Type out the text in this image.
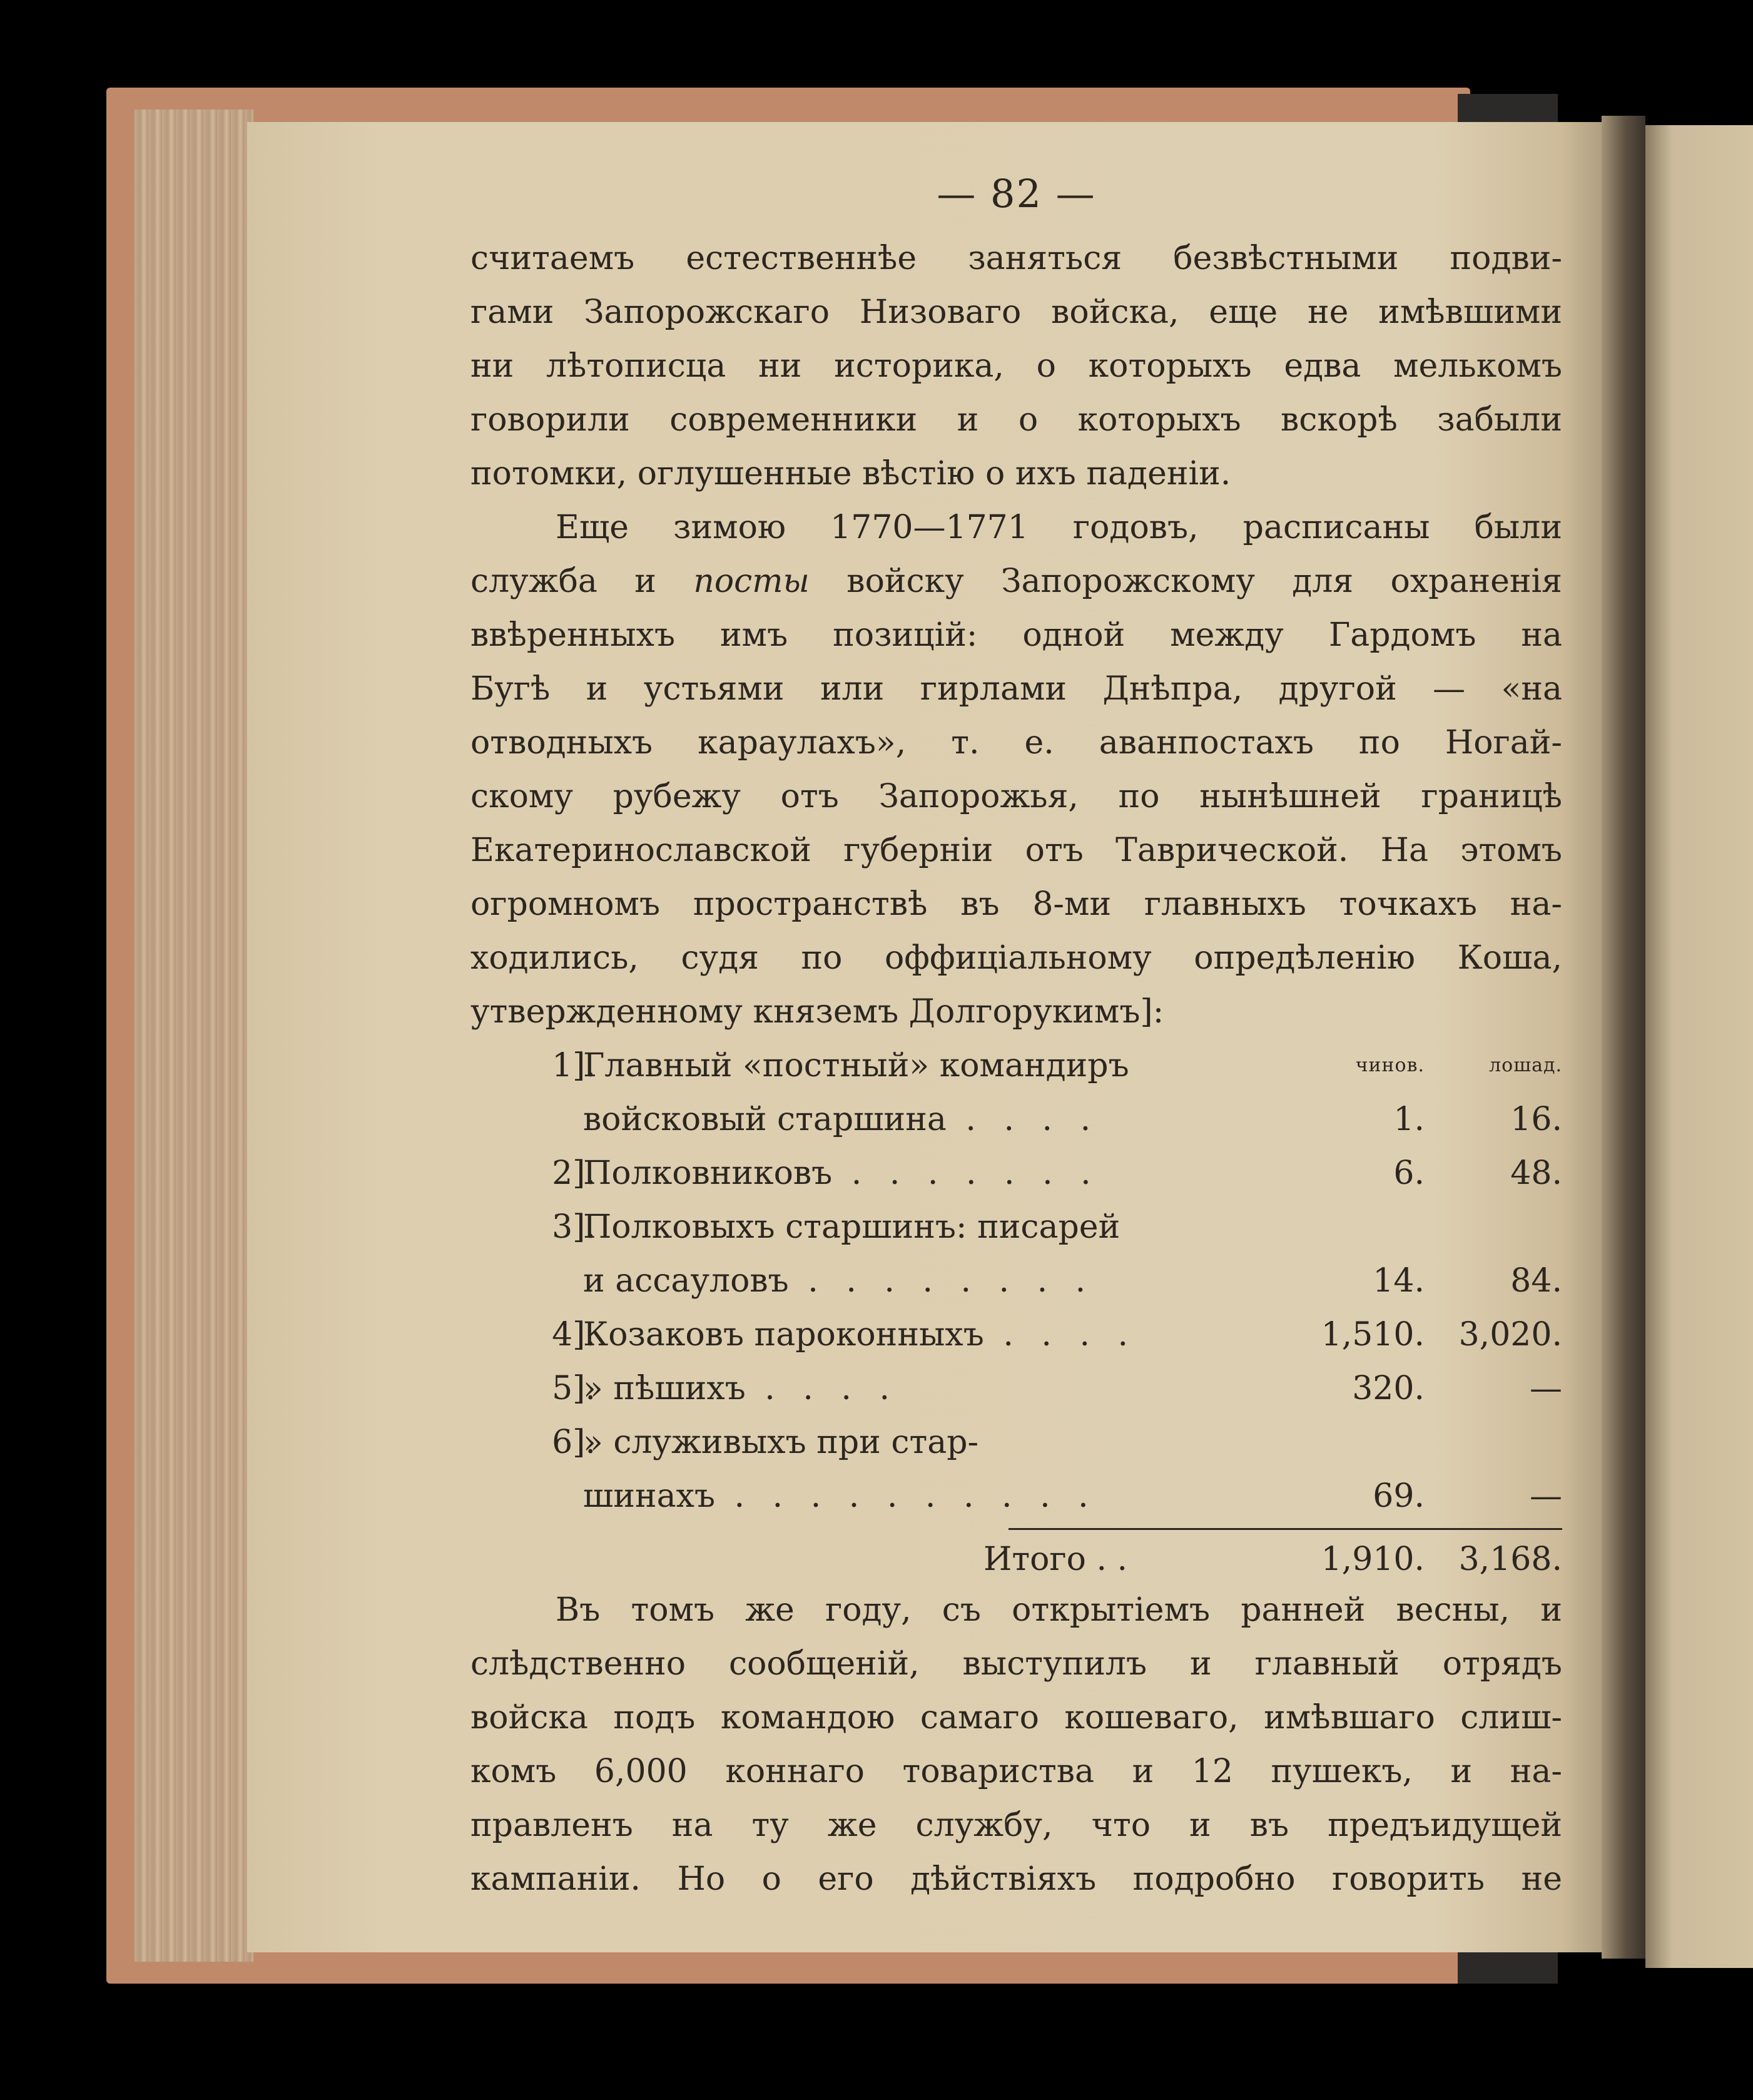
— 82 —
считаемъ естественнѣе заняться безвѣстными подви-
гами Запорожскаго Низоваго войска, еще не имѣвшими
ни лѣтописца ни историка, о которыхъ едва мелькомъ
говорили современники и о которыхъ вскорѣ забыли
потомки, оглушенные вѣстію о ихъ паденіи.
Еще зимою 1770—1771 годовъ, расписаны были
служба и посты войску Запорожскому для охраненія
ввѣренныхъ имъ позицій: одной между Гардомъ на
Бугѣ и устьями или гирлами Днѣпра, другой — «на
отводныхъ караулахъ», т. е. аванпостахъ по Ногай-
скому рубежу отъ Запорожья, по нынѣшней границѣ
Екатеринославской губерніи отъ Таврической. На этомъ
огромномъ пространствѣ въ 8-ми главныхъ точкахъ на-
ходились, судя по оффиціальному опредѣленію Коша,
утвержденному княземъ Долгорукимъ]:
1].
Главный «постный» командиръ	чинов.	лошад.
войсковый старшина . . . .	1.	16.
2].
Полковниковъ . . . . . . .	6.	48.
3].
Полковыхъ старшинъ: писарей
и ассауловъ . . . . . . . .	14.	84.
4].
Козаковъ пароконныхъ . . . .	1,510.	3,020.
5].
» пѣшихъ . . . .	320.	—
6].
» служивыхъ при стар-
шинахъ . . . . . . . . . .	69.	—
Итого . .	1,910.	3,168.
Въ томъ же году, съ открытіемъ ранней весны, и
слѣдственно сообщеній, выступилъ и главный отрядъ
войска подъ командою самаго кошеваго, имѣвшаго слиш-
комъ 6,000 коннаго товариства и 12 пушекъ, и на-
правленъ на ту же службу, что и въ предъидущей
кампаніи. Но о его дѣйствіяхъ подробно говорить не
